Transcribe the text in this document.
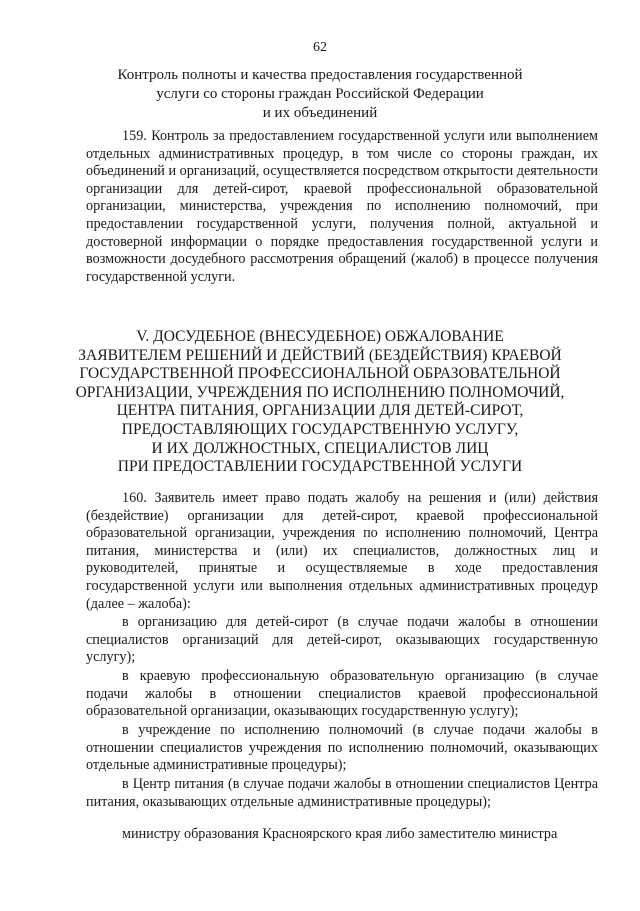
62
Контроль полноты и качества предоставления государственной
услуги со стороны граждан Российской Федерации
и их объединений

159. Контроль за предоставлением государственной услуги или выполнением отдельных административных процедур, в том числе со стороны граждан, их объединений и организаций, осуществляется посредством открытости деятельности организации для детей-сирот, краевой профессиональной образовательной организации, министерства, учреждения по исполнению полномочий, при предоставлении государственной услуги, получения полной, актуальной и достоверной информации о порядке предоставления государственной услуги и возможности досудебного рассмотрения обращений (жалоб) в процессе получения государственной услуги.

V. ДОСУДЕБНОЕ (ВНЕСУДЕБНОЕ) ОБЖАЛОВАНИЕ
ЗАЯВИТЕЛЕМ РЕШЕНИЙ И ДЕЙСТВИЙ (БЕЗДЕЙСТВИЯ) КРАЕВОЙ
ГОСУДАРСТВЕННОЙ ПРОФЕССИОНАЛЬНОЙ ОБРАЗОВАТЕЛЬНОЙ
ОРГАНИЗАЦИИ, УЧРЕЖДЕНИЯ ПО ИСПОЛНЕНИЮ ПОЛНОМОЧИЙ,
ЦЕНТРА ПИТАНИЯ, ОРГАНИЗАЦИИ ДЛЯ ДЕТЕЙ-СИРОТ,
ПРЕДОСТАВЛЯЮЩИХ ГОСУДАРСТВЕННУЮ УСЛУГУ,
И ИХ ДОЛЖНОСТНЫХ, СПЕЦИАЛИСТОВ ЛИЦ
ПРИ ПРЕДОСТАВЛЕНИИ ГОСУДАРСТВЕННОЙ УСЛУГИ

160. Заявитель имеет право подать жалобу на решения и (или) действия (бездействие) организации для детей-сирот, краевой профессиональной образовательной организации, учреждения по исполнению полномочий, Центра питания, министерства и (или) их специалистов, должностных лиц и руководителей, принятые и осуществляемые в ходе предоставления государственной услуги или выполнения отдельных административных процедур (далее – жалоба):

в организацию для детей-сирот (в случае подачи жалобы в отношении специалистов организаций для детей-сирот, оказывающих государственную услугу);

в краевую профессиональную образовательную организацию (в случае подачи жалобы в отношении специалистов краевой профессиональной образовательной организации, оказывающих государственную услугу);

в учреждение по исполнению полномочий (в случае подачи жалобы в отношении специалистов учреждения по исполнению полномочий, оказывающих отдельные административные процедуры);

в Центр питания (в случае подачи жалобы в отношении специалистов Центра питания, оказывающих отдельные административные процедуры);

министру образования Красноярского края либо заместителю министра
